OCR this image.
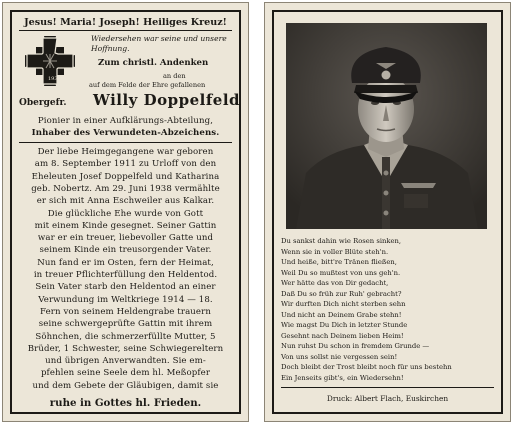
Jesus! Maria! Joseph! Heiliges Kreuz!
1939
Wiedersehen war seine und unsere
Hoffnung.
Zum christl. Andenken
an den
auf dem Felde der Ehre gefallenen
Obergefr. Willy Doppelfeld
Pionier in einer Aufklärungs-Abteilung,
Inhaber des Verwundeten-Abzeichens.
Der liebe Heimgegangene war geboren
am 8. September 1911 zu Urloff von den
Eheleuten Josef Doppelfeld und Katharina
geb. Nobertz. Am 29. Juni 1938 vermählte
er sich mit Anna Eschweiler aus Kalkar.
Die glückliche Ehe wurde von Gott
mit einem Kinde gesegnet. Seiner Gattin
war er ein treuer, liebevoller Gatte und
seinem Kinde ein treusorgender Vater.
Nun fand er im Osten, fern der Heimat,
in treuer Pflichterfüllung den Heldentod.
Sein Vater starb den Heldentod an einer
Verwundung im Weltkriege 1914 — 18.
Fern von seinem Heldengrabe trauern
seine schwergeprüfte Gattin mit ihrem
Söhnchen, die schmerzerfüllte Mutter, 5
Brüder, 1 Schwester, seine Schwiegereltern
und übrigen Anverwandten. Sie em-
pfehlen seine Seele dem hl. Meßopfer
und dem Gebete der Gläubigen, damit sie
ruhe in Gottes hl. Frieden.
Du sankst dahin wie Rosen sinken,
Wenn sie in voller Blüte steh'n.
Und heiße, bitt're Tränen fließen,
Weil Du so mußtest von uns geh'n.
Wer hätte das von Dir gedacht,
Daß Du so früh zur Ruh' gebracht?
Wir durften Dich nicht sterben sehn
Und nicht an Deinem Grabe stehn!
Wie magst Du Dich in letzter Stunde
Gesehnt nach Deinem lieben Heim!
Nun ruhst Du schon in fremdem Grunde —
Von uns sollst nie vergessen sein!
Doch bleibt der Trost bleibt noch für uns bestehn
Ein Jenseits gibt's, ein Wiedersehn!
Druck: Albert Flach, Euskirchen
